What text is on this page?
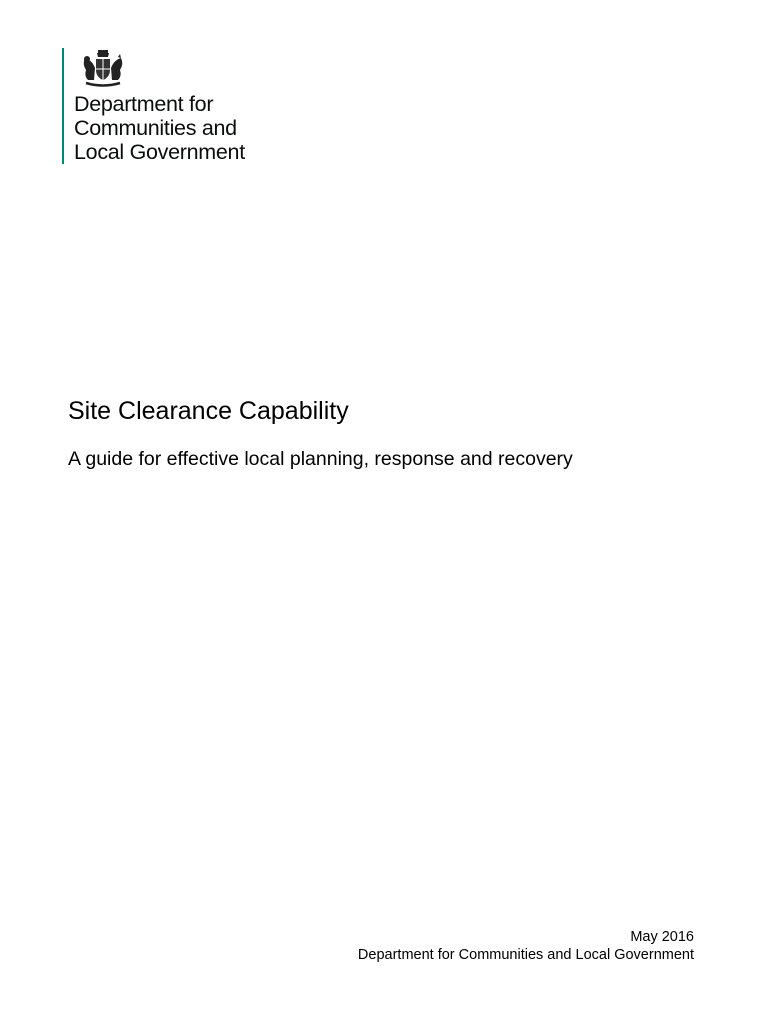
Department for
Communities and
Local Government
Site Clearance Capability
A guide for effective local planning, response and recovery
May 2016
Department for Communities and Local Government
